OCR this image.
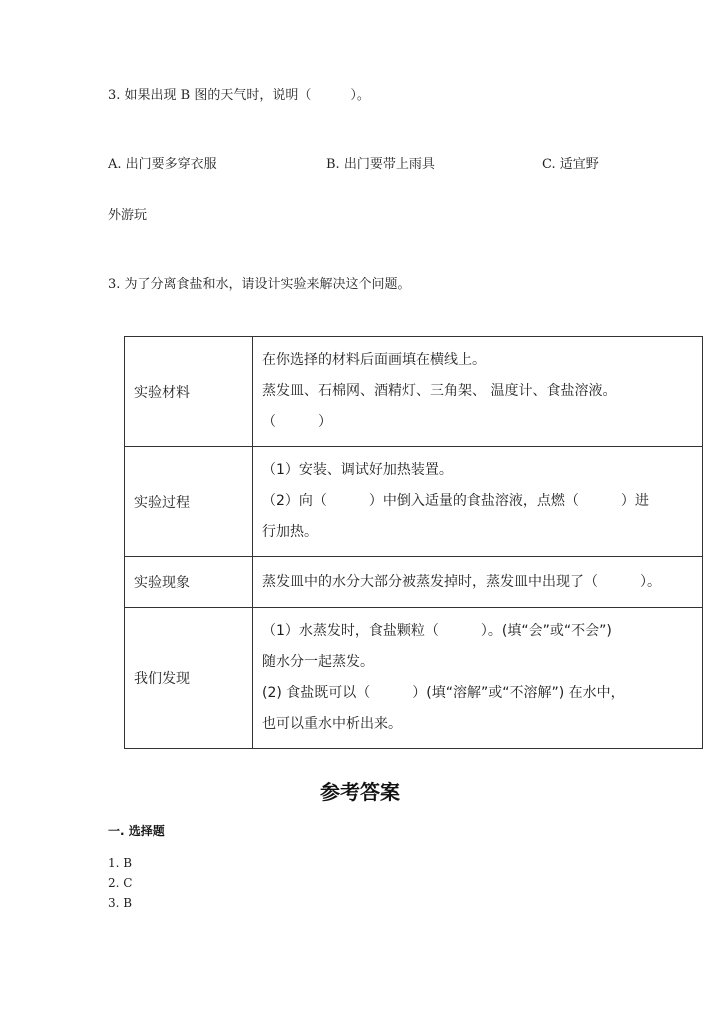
3. 如果出现 B 图的天气时，说明（　　　）。
A. 出门要多穿衣服	B. 出门要带上雨具	C. 适宜野
外游玩
3. 为了分离食盐和水，请设计实验来解决这个问题。
实验材料	在你选择的材料后面画填在横线上。
蒸发皿、石棉网、酒精灯、三角架、 温度计、食盐溶液。
（　　　）

实验过程	（1）安装、调试好加热装置。
（2）向（　　　）中倒入适量的食盐溶液，点燃（　　　）进
行加热。

实验现象	蒸发皿中的水分大部分被蒸发掉时，蒸发皿中出现了（　　　）。

我们发现	（1）水蒸发时，食盐颗粒（　　　）。(填“会”或“不会”)
随水分一起蒸发。
(2) 食盐既可以（　　　）(填“溶解”或“不溶解”) 在水中，
也可以重水中析出来。
参考答案
一. 选择题
1. B
2. C
3. B
